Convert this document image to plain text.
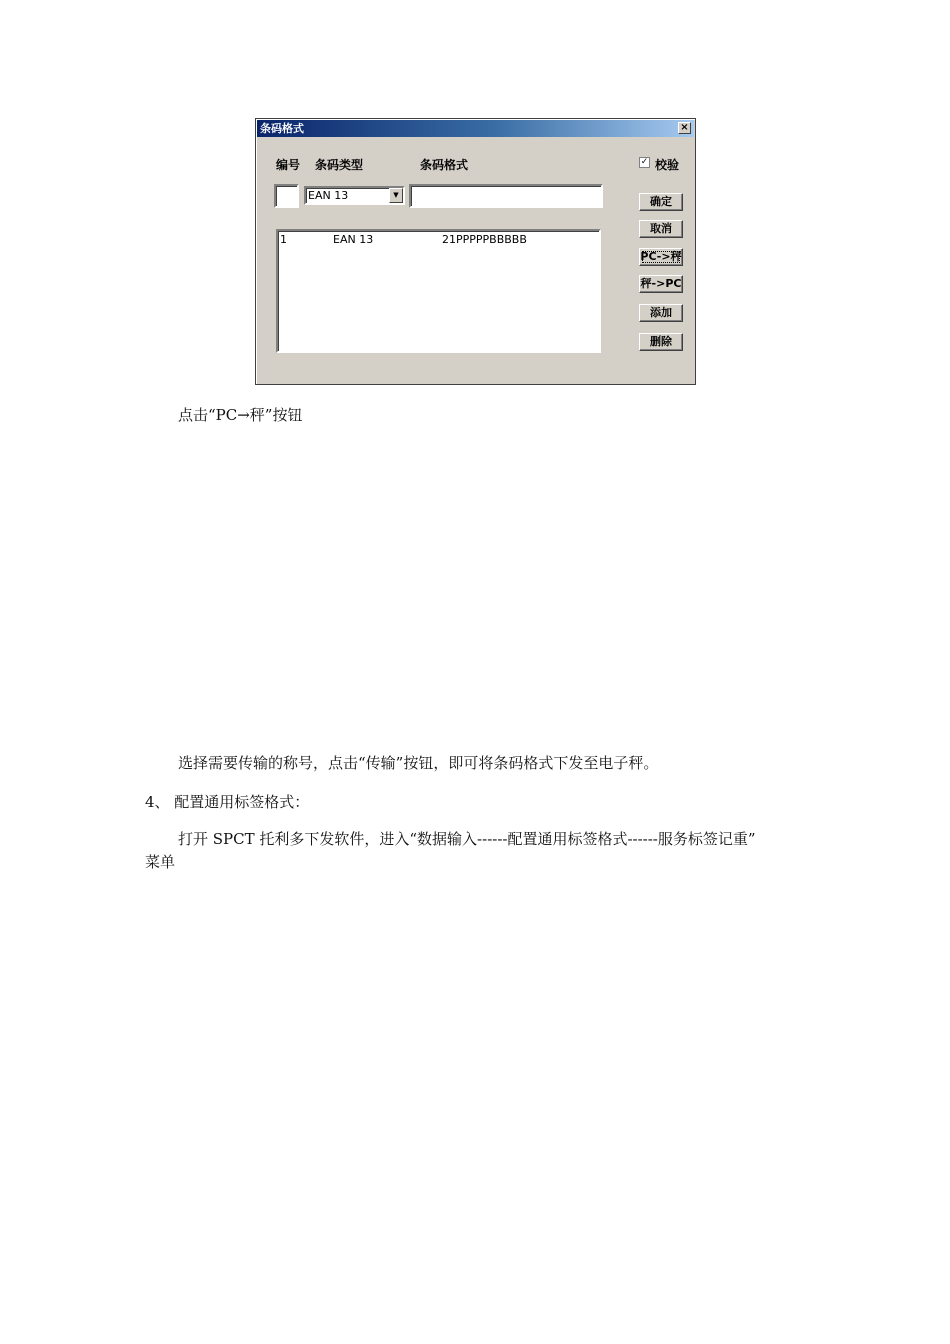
条码格式	×
编号 条码类型	条码格式	✓ 校验
EAN 13	▼
1	EAN 13	21PPPPPBBBBB
确定
取消
PC->秤
秤->PC
添加
删除
点击“PC→秤”按钮
选择需要传输的称号，点击“传输”按钮，即可将条码格式下发至电子秤。
4、 配置通用标签格式：
打开 SPCT 托利多下发软件，进入“数据输入------配置通用标签格式------服务标签记重”
菜单
